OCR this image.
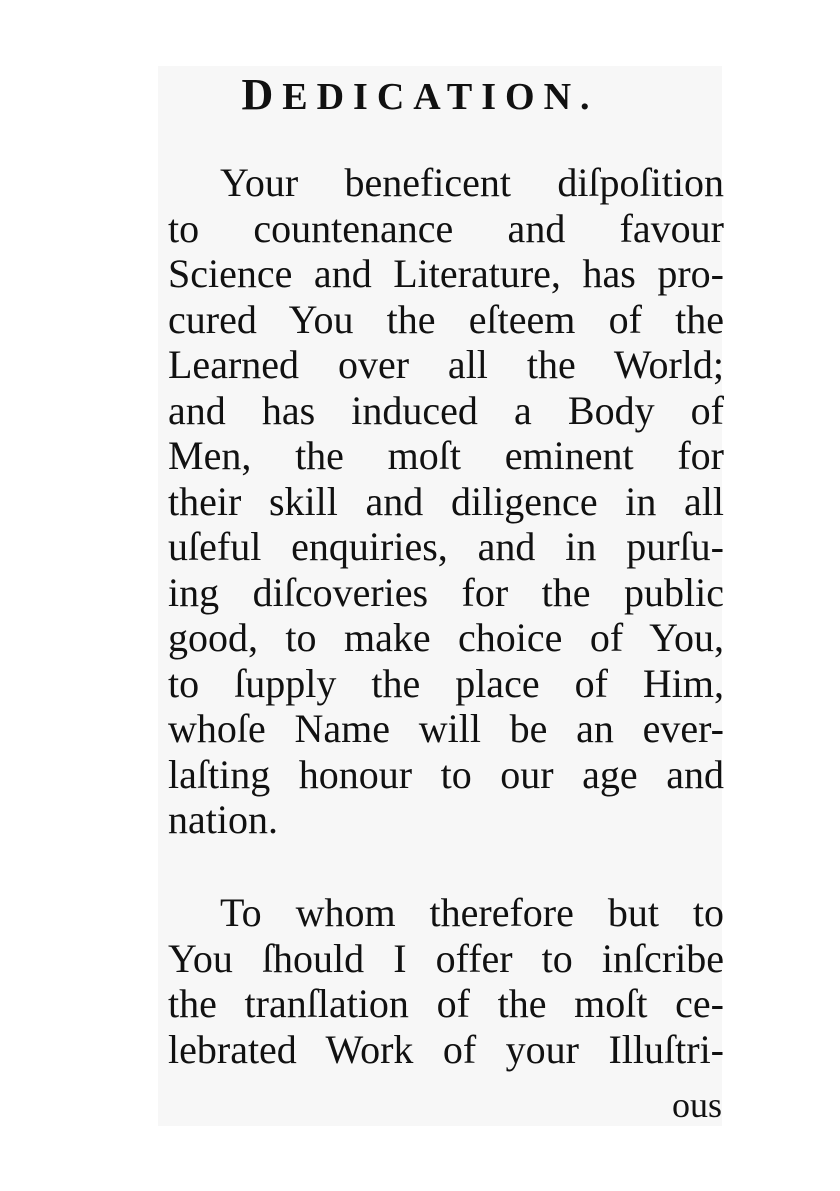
DEDICATION.
Your beneficent diſpoſition
to countenance and favour
Science and Literature, has pro-
cured You the eſteem of the
Learned over all the World;
and has induced a Body of
Men, the moſt eminent for
their skill and diligence in all
uſeful enquiries, and in purſu-
ing diſcoveries for the public
good, to make choice of You,
to ſupply the place of Him,
whoſe Name will be an ever-
laſting honour to our age and
nation.
To whom therefore but to
You ſhould I offer to inſcribe
the tranſlation of the moſt ce-
lebrated Work of your Illuſtri-
ous
